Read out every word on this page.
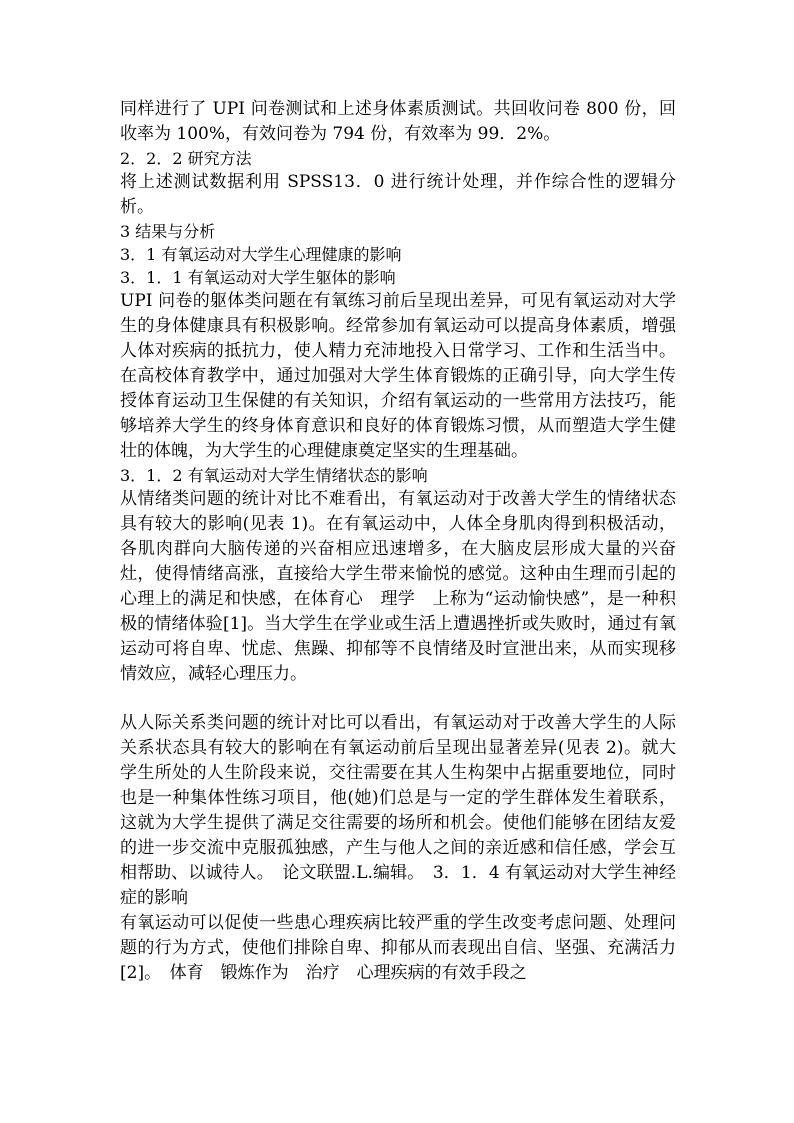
同样进行了 UPI 问卷测试和上述身体素质测试。共回收问卷 800 份，回收率为 100%，有效问卷为 794 份，有效率为 99．2%。

2．2．2 研究方法

将上述测试数据利用 SPSS13．0 进行统计处理，并作综合性的逻辑分析。

3 结果与分析

3．1 有氧运动对大学生心理健康的影响

3．1．1 有氧运动对大学生躯体的影响

UPI 问卷的躯体类问题在有氧练习前后呈现出差异，可见有氧运动对大学生的身体健康具有积极影响。经常参加有氧运动可以提高身体素质，增强人体对疾病的抵抗力，使人精力充沛地投入日常学习、工作和生活当中。在高校体育教学中，通过加强对大学生体育锻炼的正确引导，向大学生传授体育运动卫生保健的有关知识，介绍有氧运动的一些常用方法技巧，能够培养大学生的终身体育意识和良好的体育锻炼习惯，从而塑造大学生健壮的体魄，为大学生的心理健康奠定坚实的生理基础。

3．1．2 有氧运动对大学生情绪状态的影响

从情绪类问题的统计对比不难看出，有氧运动对于改善大学生的情绪状态具有较大的影响(见表 1)。在有氧运动中，人体全身肌肉得到积极活动，各肌肉群向大脑传递的兴奋相应迅速增多，在大脑皮层形成大量的兴奋灶，使得情绪高涨，直接给大学生带来愉悦的感觉。这种由生理而引起的心理上的满足和快感，在体育心　理学　上称为“运动愉快感”，是一种积极的情绪体验[1]。当大学生在学业或生活上遭遇挫折或失败时，通过有氧运动可将自卑、忧虑、焦躁、抑郁等不良情绪及时宣泄出来，从而实现移情效应，减轻心理压力。

从人际关系类问题的统计对比可以看出，有氧运动对于改善大学生的人际关系状态具有较大的影响在有氧运动前后呈现出显著差异(见表 2)。就大学生所处的人生阶段来说，交往需要在其人生构架中占据重要地位，同时也是一种集体性练习项目，他(她)们总是与一定的学生群体发生着联系，这就为大学生提供了满足交往需要的场所和机会。使他们能够在团结友爱的进一步交流中克服孤独感，产生与他人之间的亲近感和信任感，学会互相帮助、以诚待人。　论文联盟.L.编辑。　3．1．4 有氧运动对大学生神经症的影响

有氧运动可以促使一些患心理疾病比较严重的学生改变考虑问题、处理问题的行为方式，使他们排除自卑、抑郁从而表现出自信、坚强、充满活力[2]。　体育　锻炼作为　治疗　心理疾病的有效手段之
